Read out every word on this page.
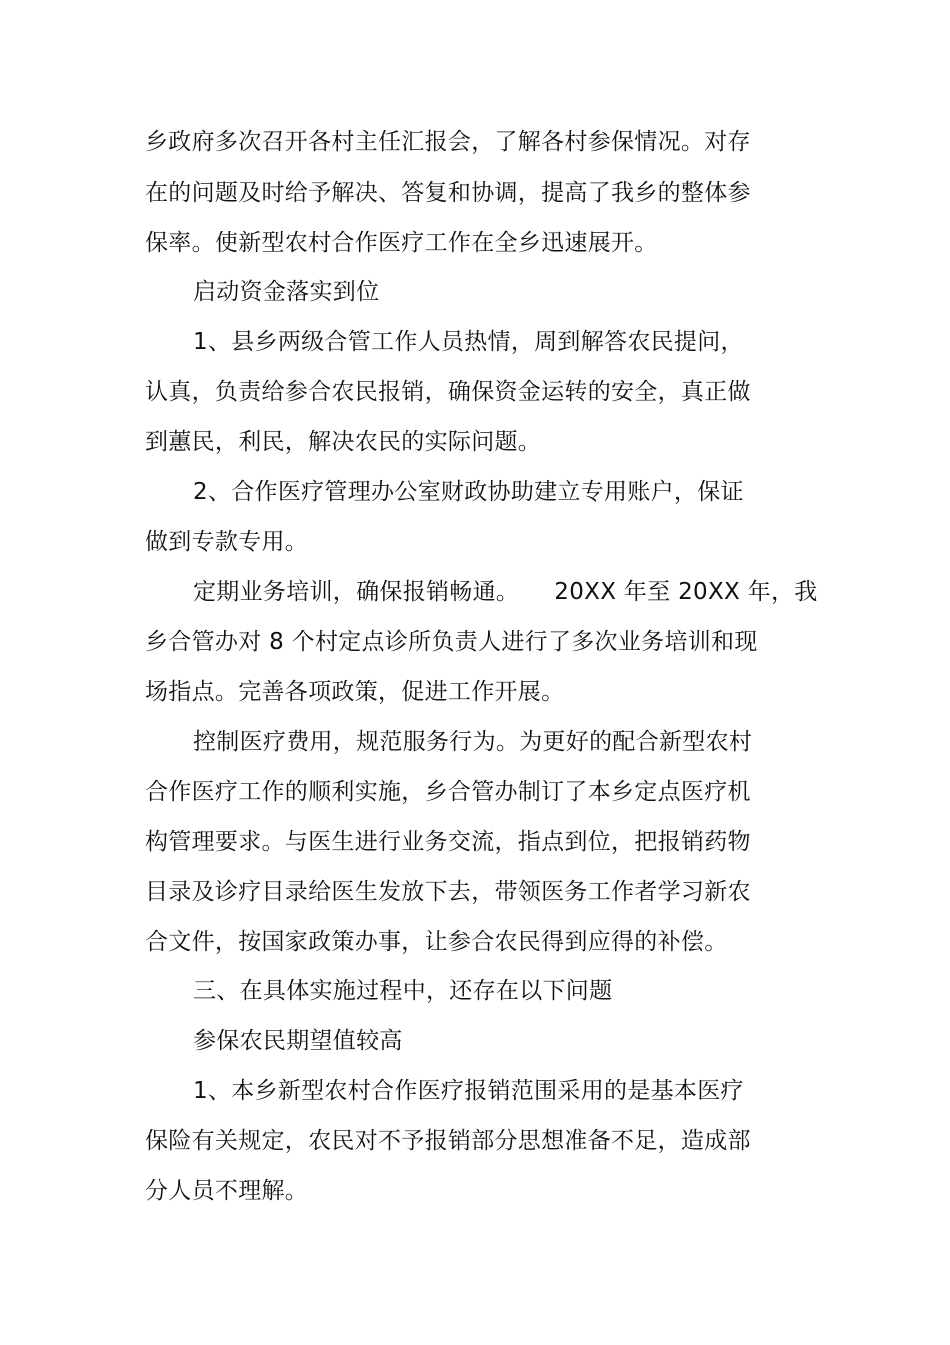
乡政府多次召开各村主任汇报会，了解各村参保情况。对存
在的问题及时给予解决、答复和协调，提高了我乡的整体参
保率。使新型农村合作医疗工作在全乡迅速展开。
启动资金落实到位
1、县乡两级合管工作人员热情，周到解答农民提问，
认真，负责给参合农民报销，确保资金运转的安全，真正做
到蕙民，利民，解决农民的实际问题。
2、合作医疗管理办公室财政协助建立专用账户，保证
做到专款专用。
定期业务培训，确保报销畅通。　　20XX 年至 20XX 年，我
乡合管办对 8 个村定点诊所负责人进行了多次业务培训和现
场指点。完善各项政策，促进工作开展。
控制医疗费用，规范服务行为。为更好的配合新型农村
合作医疗工作的顺利实施，乡合管办制订了本乡定点医疗机
构管理要求。与医生进行业务交流，指点到位，把报销药物
目录及诊疗目录给医生发放下去，带领医务工作者学习新农
合文件，按国家政策办事，让参合农民得到应得的补偿。
三、在具体实施过程中，还存在以下问题
参保农民期望值较高
1、本乡新型农村合作医疗报销范围采用的是基本医疗
保险有关规定，农民对不予报销部分思想准备不足，造成部
分人员不理解。
